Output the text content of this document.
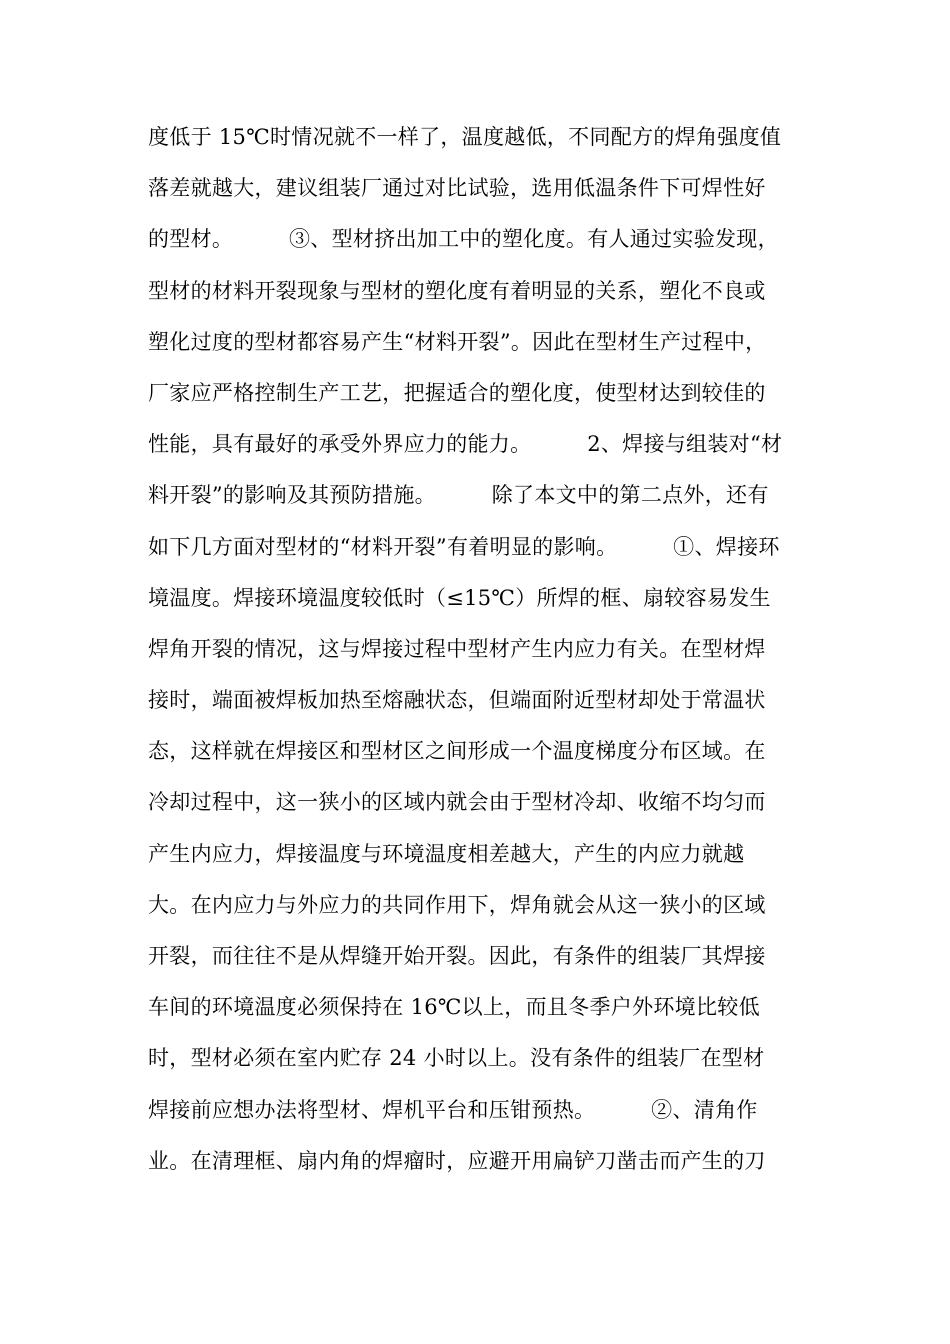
度低于 15℃时情况就不一样了，温度越低，不同配方的焊角强度值
落差就越大，建议组装厂通过对比试验，选用低温条件下可焊性好
的型材。        ③、型材挤出加工中的塑化度。有人通过实验发现，
型材的材料开裂现象与型材的塑化度有着明显的关系，塑化不良或
塑化过度的型材都容易产生“材料开裂”。因此在型材生产过程中，
厂家应严格控制生产工艺，把握适合的塑化度，使型材达到较佳的
性能，具有最好的承受外界应力的能力。        2、焊接与组装对“材
料开裂”的影响及其预防措施。        除了本文中的第二点外，还有
如下几方面对型材的“材料开裂”有着明显的影响。        ①、焊接环
境温度。焊接环境温度较低时（≤15℃）所焊的框、扇较容易发生
焊角开裂的情况，这与焊接过程中型材产生内应力有关。在型材焊
接时，端面被焊板加热至熔融状态，但端面附近型材却处于常温状
态，这样就在焊接区和型材区之间形成一个温度梯度分布区域。在
冷却过程中，这一狭小的区域内就会由于型材冷却、收缩不均匀而
产生内应力，焊接温度与环境温度相差越大，产生的内应力就越
大。在内应力与外应力的共同作用下，焊角就会从这一狭小的区域
开裂，而往往不是从焊缝开始开裂。因此，有条件的组装厂其焊接
车间的环境温度必须保持在 16℃以上，而且冬季户外环境比较低
时，型材必须在室内贮存 24 小时以上。没有条件的组装厂在型材
焊接前应想办法将型材、焊机平台和压钳预热。        ②、清角作
业。在清理框、扇内角的焊瘤时，应避开用扁铲刀凿击而产生的刀
